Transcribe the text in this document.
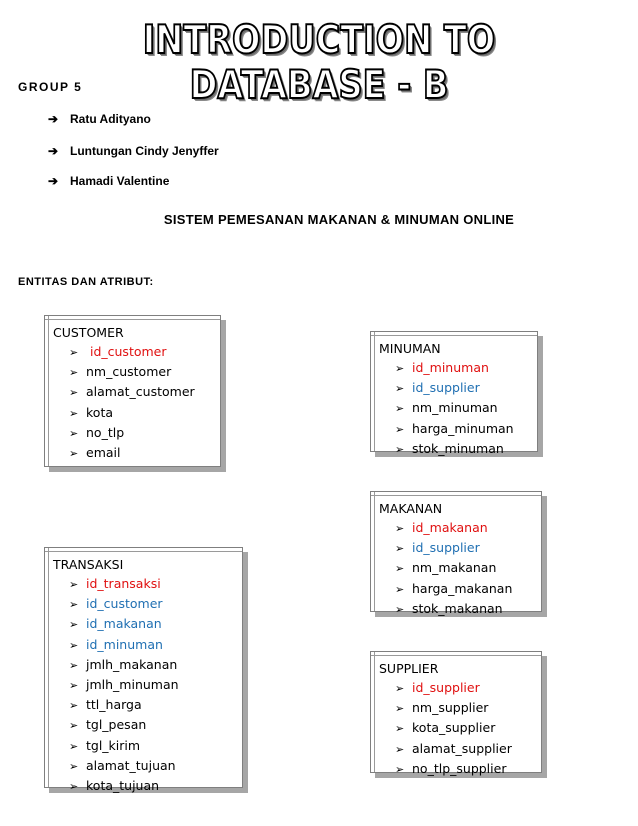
INTRODUCTION TO DATABASE - B
GROUP 5
➔ Ratu Adityano
➔ Luntungan Cindy Jenyffer
➔ Hamadi Valentine
SISTEM PEMESANAN MAKANAN & MINUMAN ONLINE
ENTITAS DAN ATRIBUT:
CUSTOMER
➢ id_customer
➢ nm_customer
➢ alamat_customer
➢ kota
➢ no_tlp
➢ email
MINUMAN
➢ id_minuman
➢ id_supplier
➢ nm_minuman
➢ harga_minuman
➢ stok_minuman
MAKANAN
➢ id_makanan
➢ id_supplier
➢ nm_makanan
➢ harga_makanan
➢ stok_makanan
TRANSAKSI
➢ id_transaksi
➢ id_customer
➢ id_makanan
➢ id_minuman
➢ jmlh_makanan
➢ jmlh_minuman
➢ ttl_harga
➢ tgl_pesan
➢ tgl_kirim
➢ alamat_tujuan
➢ kota_tujuan
SUPPLIER
➢ id_supplier
➢ nm_supplier
➢ kota_supplier
➢ alamat_supplier
➢ no_tlp_supplier
